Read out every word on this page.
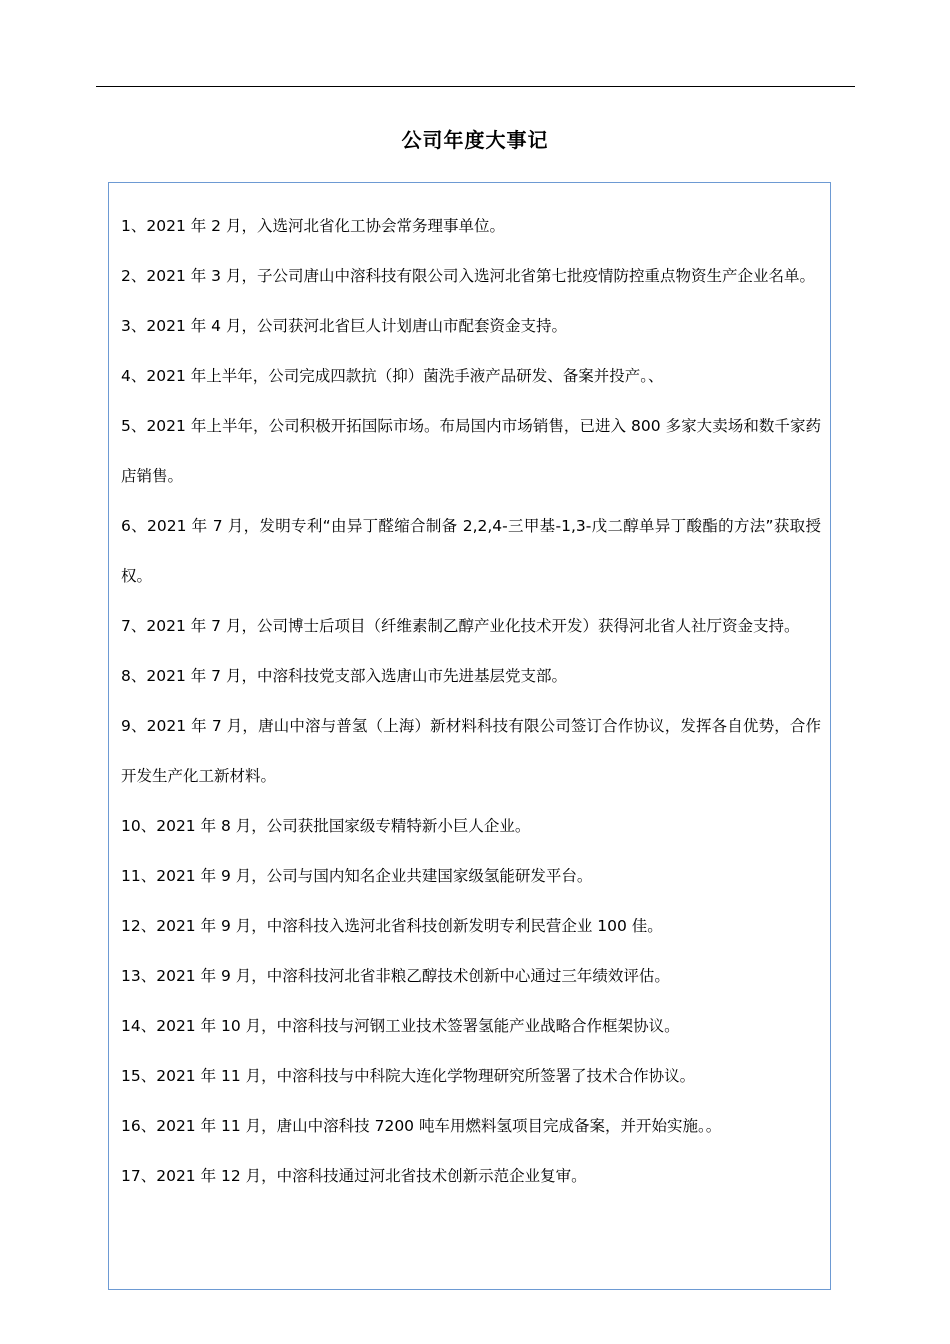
公司年度大事记
1、2021 年 2 月，入选河北省化工协会常务理事单位。
2、2021 年 3 月，子公司唐山中溶科技有限公司入选河北省第七批疫情防控重点物资生产企业名单。
3、2021 年 4 月，公司获河北省巨人计划唐山市配套资金支持。
4、2021 年上半年，公司完成四款抗（抑）菌洗手液产品研发、备案并投产。、
5、2021 年上半年，公司积极开拓国际市场。布局国内市场销售，已进入 800 多家大卖场和数千家药店销售。
6、2021 年 7 月，发明专利“由异丁醛缩合制备 2,2,4-三甲基-1,3-戊二醇单异丁酸酯的方法”获取授权。
7、2021 年 7 月，公司博士后项目（纤维素制乙醇产业化技术开发）获得河北省人社厅资金支持。
8、2021 年 7 月，中溶科技党支部入选唐山市先进基层党支部。
9、2021 年 7 月，唐山中溶与普氢（上海）新材料科技有限公司签订合作协议，发挥各自优势，合作开发生产化工新材料。
10、2021 年 8 月，公司获批国家级专精特新小巨人企业。
11、2021 年 9 月，公司与国内知名企业共建国家级氢能研发平台。
12、2021 年 9 月，中溶科技入选河北省科技创新发明专利民营企业 100 佳。
13、2021 年 9 月，中溶科技河北省非粮乙醇技术创新中心通过三年绩效评估。
14、2021 年 10 月，中溶科技与河钢工业技术签署氢能产业战略合作框架协议。
15、2021 年 11 月，中溶科技与中科院大连化学物理研究所签署了技术合作协议。
16、2021 年 11 月，唐山中溶科技 7200 吨车用燃料氢项目完成备案，并开始实施。。
17、2021 年 12 月，中溶科技通过河北省技术创新示范企业复审。
